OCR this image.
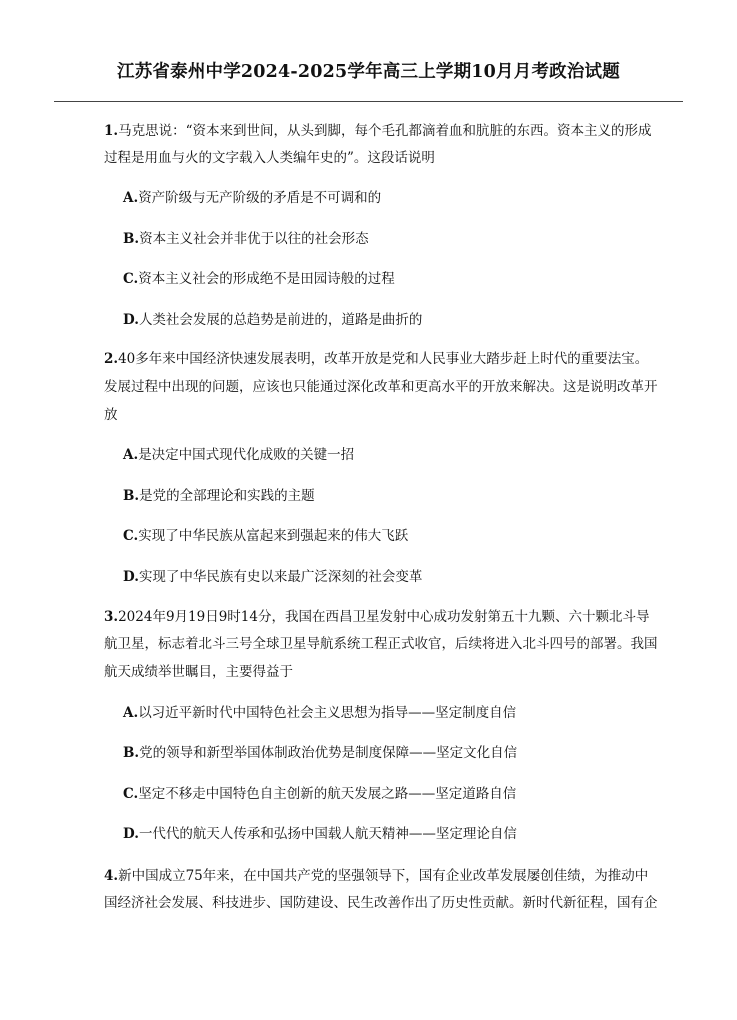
江苏省泰州中学2024-2025学年高三上学期10月月考政治试题
1.马克思说：“资本来到世间，从头到脚，每个毛孔都滴着血和肮脏的东西。资本主义的形成
过程是用血与火的文字载入人类编年史的”。这段话说明
A.资产阶级与无产阶级的矛盾是不可调和的
B.资本主义社会并非优于以往的社会形态
C.资本主义社会的形成绝不是田园诗般的过程
D.人类社会发展的总趋势是前进的，道路是曲折的
2.40多年来中国经济快速发展表明，改革开放是党和人民事业大踏步赶上时代的重要法宝。
发展过程中出现的问题，应该也只能通过深化改革和更高水平的开放来解决。这是说明改革开
放
A.是决定中国式现代化成败的关键一招
B.是党的全部理论和实践的主题
C.实现了中华民族从富起来到强起来的伟大飞跃
D.实现了中华民族有史以来最广泛深刻的社会变革
3.2024年9月19日9时14分，我国在西昌卫星发射中心成功发射第五十九颗、六十颗北斗导
航卫星，标志着北斗三号全球卫星导航系统工程正式收官，后续将进入北斗四号的部署。我国
航天成绩举世瞩目，主要得益于
A.以习近平新时代中国特色社会主义思想为指导——坚定制度自信
B.党的领导和新型举国体制政治优势是制度保障——坚定文化自信
C.坚定不移走中国特色自主创新的航天发展之路——坚定道路自信
D.一代代的航天人传承和弘扬中国载人航天精神——坚定理论自信
4.新中国成立75年来，在中国共产党的坚强领导下，国有企业改革发展屡创佳绩，为推动中
国经济社会发展、科技进步、国防建设、民生改善作出了历史性贡献。新时代新征程，国有企
